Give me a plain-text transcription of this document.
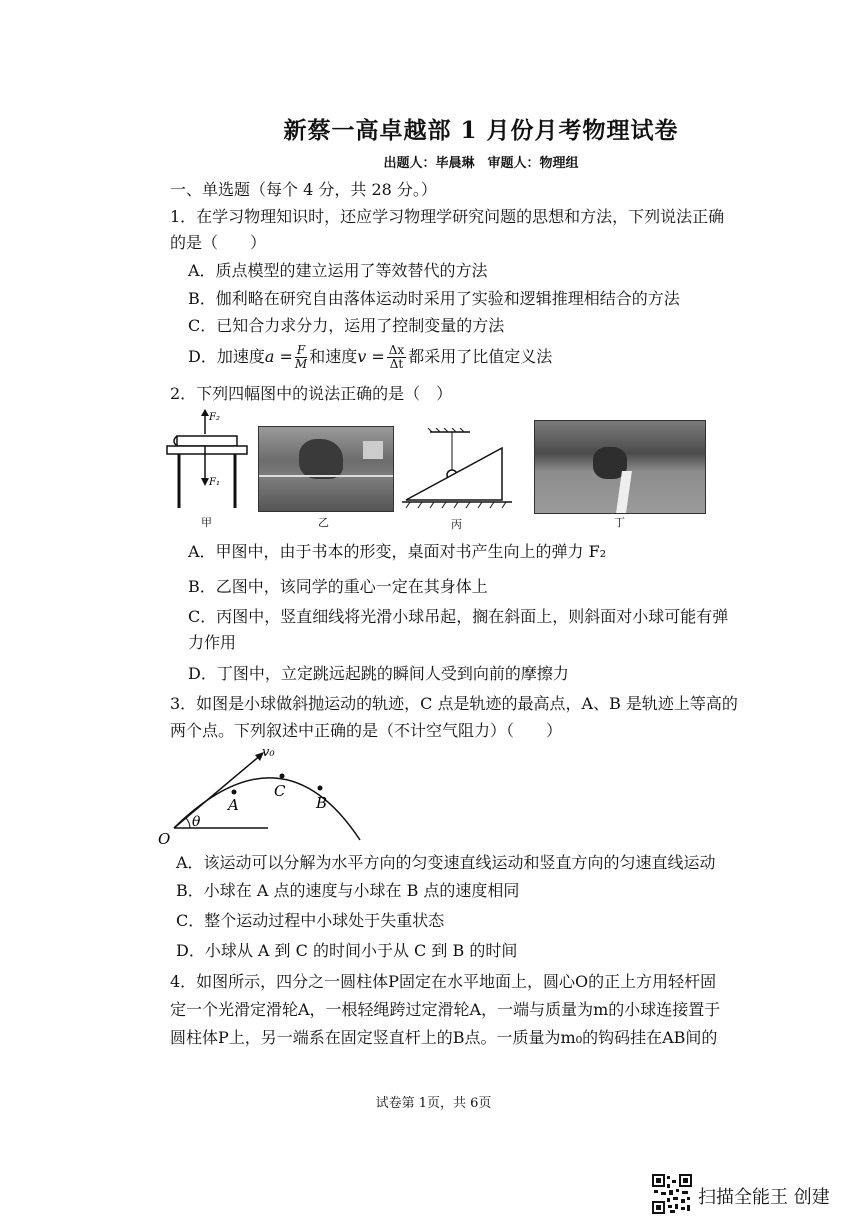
新蔡一高卓越部 1 月份月考物理试卷
出题人：毕晨琳　审题人：物理组
一、单选题（每个 4 分，共 28 分。）
1．在学习物理知识时，还应学习物理学研究问题的思想和方法，下列说法正确
的是（　　）
A．质点模型的建立运用了等效替代的方法
B．伽利略在研究自由落体运动时采用了实验和逻辑推理相结合的方法
C．已知合力求分力，运用了控制变量的方法
D．加速度$a = \frac{F}{M}$ 和速度$v = \frac{\Delta x}{\Delta t}$ 都采用了比值定义法
2．下列四幅图中的说法正确的是（　）
F₂
F₁
甲	乙	丙	丁
A．甲图中，由于书本的形变，桌面对书产生向上的弹力 F₂
B．乙图中，该同学的重心一定在其身体上
C．丙图中，竖直细线将光滑小球吊起，搁在斜面上，则斜面对小球可能有弹
力作用
D．丁图中，立定跳远起跳的瞬间人受到向前的摩擦力
3．如图是小球做斜抛运动的轨迹，C 点是轨迹的最高点，A、B 是轨迹上等高的
两个点。下列叙述中正确的是（不计空气阻力）（　　）
v₀
A
C
B
O
θ
A．该运动可以分解为水平方向的匀变速直线运动和竖直方向的匀速直线运动
B．小球在 A 点的速度与小球在 B 点的速度相同
C．整个运动过程中小球处于失重状态
D．小球从 A 到 C 的时间小于从 C 到 B 的时间
4．如图所示，四分之一圆柱体P固定在水平地面上，圆心O的正上方用轻杆固
定一个光滑定滑轮A，一根轻绳跨过定滑轮A，一端与质量为m的小球连接置于
圆柱体P上，另一端系在固定竖直杆上的B点。一质量为m₀的钩码挂在AB间的
试卷第 1页，共 6页
扫描全能王 创建
